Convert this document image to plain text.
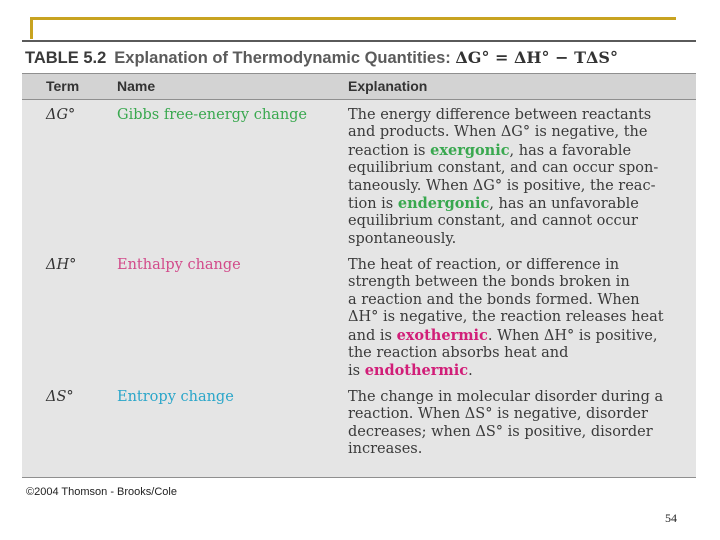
TABLE 5.2 Explanation of Thermodynamic Quantities: ΔG° = ΔH° − TΔS°
Term	Name	Explanation
ΔG°	Gibbs free-energy change	The energy difference between reactants
and products. When ΔG° is negative, the
reaction is exergonic, has a favorable
equilibrium constant, and can occur spon-
taneously. When ΔG° is positive, the reac-
tion is endergonic, has an unfavorable
equilibrium constant, and cannot occur
spontaneously.
ΔH°	Enthalpy change	The heat of reaction, or difference in
strength between the bonds broken in
a reaction and the bonds formed. When
ΔH° is negative, the reaction releases heat
and is exothermic. When ΔH° is positive,
the reaction absorbs heat and
is endothermic.
ΔS°	Entropy change	The change in molecular disorder during a
reaction. When ΔS° is negative, disorder
decreases; when ΔS° is positive, disorder
increases.
©2004 Thomson - Brooks/Cole
54
